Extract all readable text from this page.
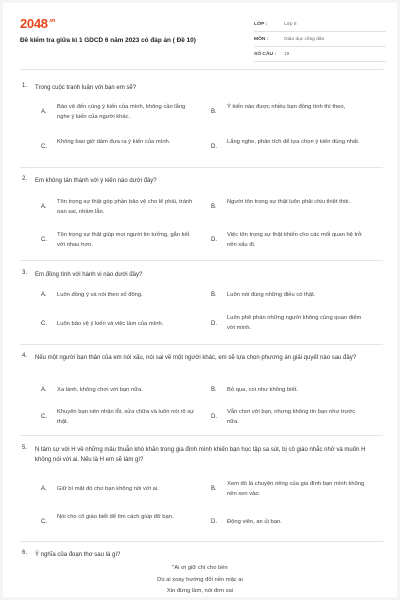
$2048^{.vn}$
Đề kiểm tra giữa kì 1 GDCD 6 năm 2023 có đáp án ( Đề 10)
LỚP :	Lớp 6
MÔN :	Giáo dục công dân
SỐ CÂU :	19
1. Trong cuộc tranh luận với bạn em sẽ?
A.
Bảo vệ đến cùng ý kiến của mình, không cần lắng nghe ý kiến của người khác.
B.
Ý kiến nào được nhiều bạn đồng tình thì theo,
C.
Không bao giờ dám đưa ra ý kiến của mình.
D.
Lắng nghe, phân tích để lựa chọn ý kiến đúng nhất.
2. Em không tán thành với ý kiến nào dưới đây?
A.
Tôn trọng sự thật góp phần bảo vệ cho lẽ phải, tránh oan sai, nhầm lẫn.
B.
Người tôn trọng sự thật luôn phải chịu thiệt thòi.
C.
Tôn trọng sự thật giúp mọi người tin tưởng, gắn kết với nhau hơn.
D.
Việc tôn trọng sự thật khiến cho các mối quan hệ trở nên xấu đi.
3. Em đồng tình với hành vi nào dưới đây?
A. Luôn đồng ý và nói theo số đông.	B. Luôn nói đúng những điều có thật.
C. Luôn bảo vệ ý kiến và việc làm của mình.	D.
Luôn phê phán những người không cùng quan điểm với mình.
4. Nếu một người bạn thân của em nói xấu, nói sai về một người khác, em sẽ lựa chọn phương án giải quyết nào sau đây?
A. Xa lánh, không chơi với bạn nữa.	B. Bỏ qua, coi như không biết.
C.
Khuyên bạn nên nhận lỗi, sửa chữa và luôn nói rõ sự thật.
D.
Vẫn chơi với bạn, nhưng không tin bạn như trước nữa.
5. N tâm sự với H về những mâu thuẫn khó khăn trong gia đình mình khiến bạn học tập sa sút, bị cô giáo nhắc nhở và muốn H không nói với ai. Nếu là H em sẽ làm gì?
A. Giữ bí mật đó cho bạn không nói với ai.	B.
Xem đó là chuyện riêng của gia đình bạn mình không nên xen vào.
C.
Nói cho cô giáo biết để tìm cách giúp đỡ bạn.
D. Động viên, an ủi bạn.
6. Ý nghĩa của đoạn thơ sau là gì?
"Ai ơi giữ chí cho bền
Dù ai xoay hướng đổi nền mặc ai
Xin đừng làm, nói đơn sai
